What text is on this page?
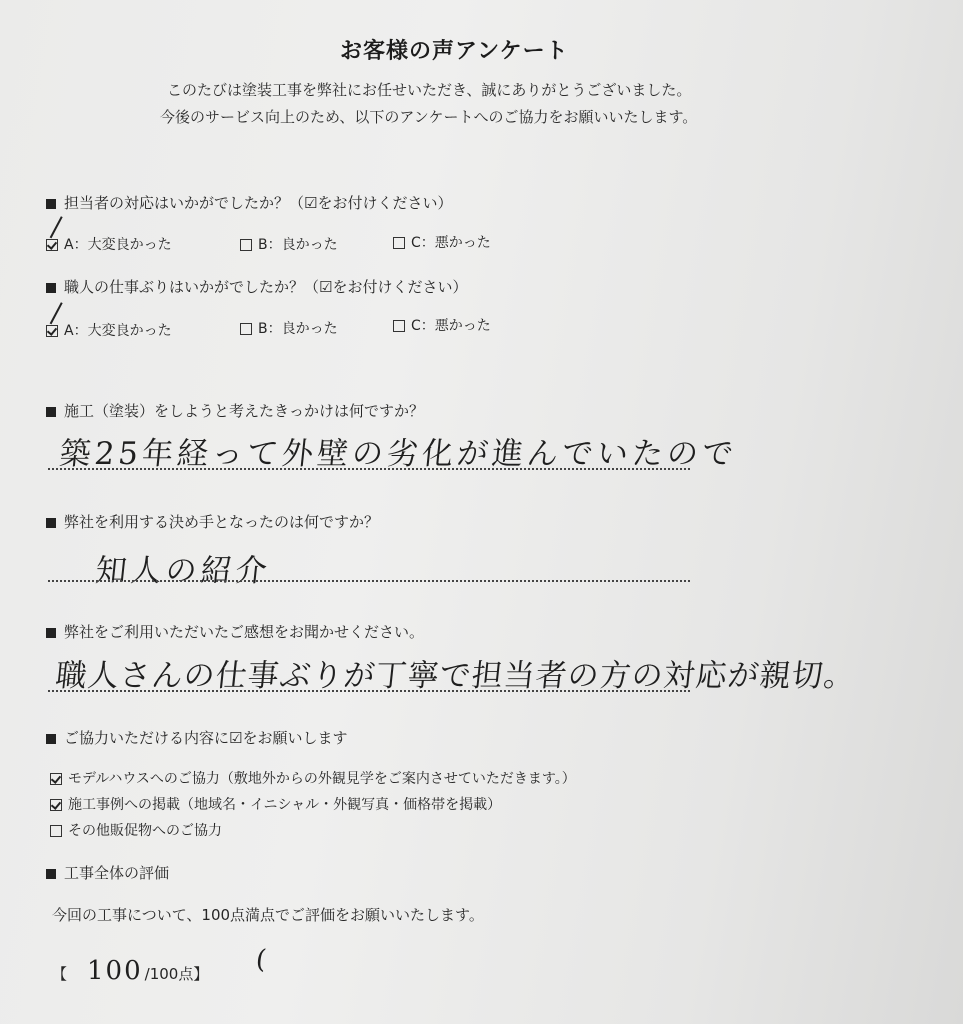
お客様の声アンケート
このたびは塗装工事を弊社にお任せいただき、誠にありがとうございました。
今後のサービス向上のため、以下のアンケートへのご協力をお願いいたします。
担当者の対応はいかがでしたか？（☑をお付けください）
A：大変良かった	B：良かった	C：悪かった
職人の仕事ぶりはいかがでしたか？（☑をお付けください）
A：大変良かった	B：良かった	C：悪かった
施工（塗装）をしようと考えたきっかけは何ですか？
築25年経って外壁の劣化が進んでいたので
弊社を利用する決め手となったのは何ですか？
知人の紹介
弊社をご利用いただいたご感想をお聞かせください。
職人さんの仕事ぶりが丁寧で担当者の方の対応が親切。
ご協力いただける内容に☑をお願いします
モデルハウスへのご協力（敷地外からの外観見学をご案内させていただきます。）
施工事例への掲載（地域名・イニシャル・外観写真・価格帯を掲載）
その他販促物へのご協力
工事全体の評価
今回の工事について、100点満点でご評価をお願いいたします。
【 100 /100点】 (
